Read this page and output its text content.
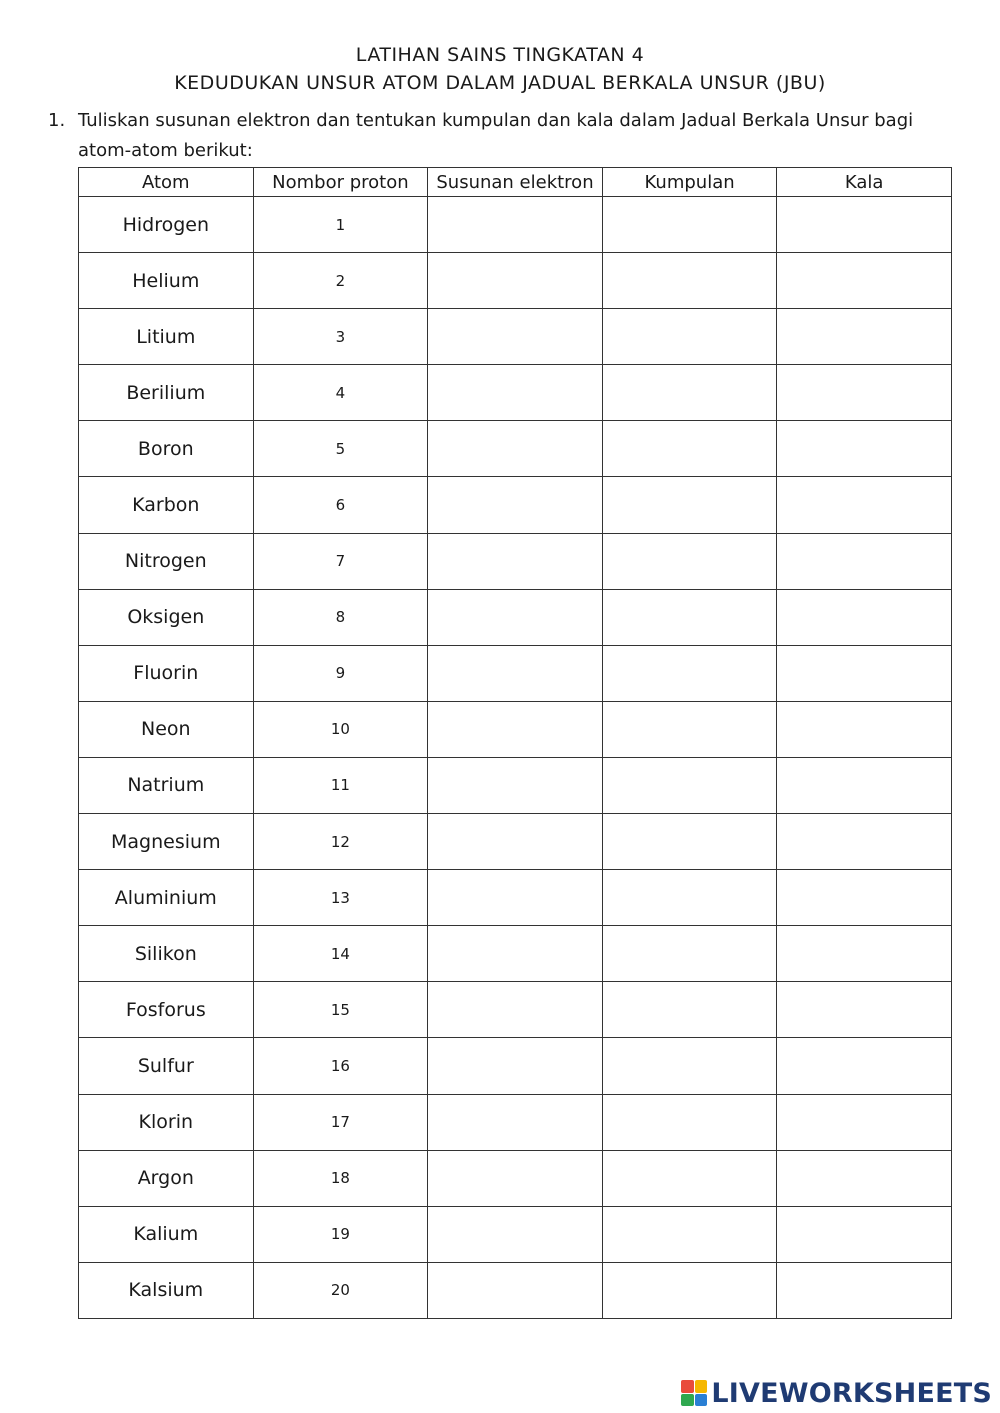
LATIHAN SAINS TINGKATAN 4
KEDUDUKAN UNSUR ATOM DALAM JADUAL BERKALA UNSUR (JBU)
1. Tuliskan susunan elektron dan tentukan kumpulan dan kala dalam Jadual Berkala Unsur bagi atom-atom berikut:
Atom	Nombor proton	Susunan elektron	Kumpulan	Kala
Hidrogen	1			
Helium	2			
Litium	3			
Berilium	4			
Boron	5			
Karbon	6			
Nitrogen	7			
Oksigen	8			
Fluorin	9			
Neon	10			
Natrium	11			
Magnesium	12			
Aluminium	13			
Silikon	14			
Fosforus	15			
Sulfur	16			
Klorin	17			
Argon	18			
Kalium	19			
Kalsium	20			
LIVEWORKSHEETS
